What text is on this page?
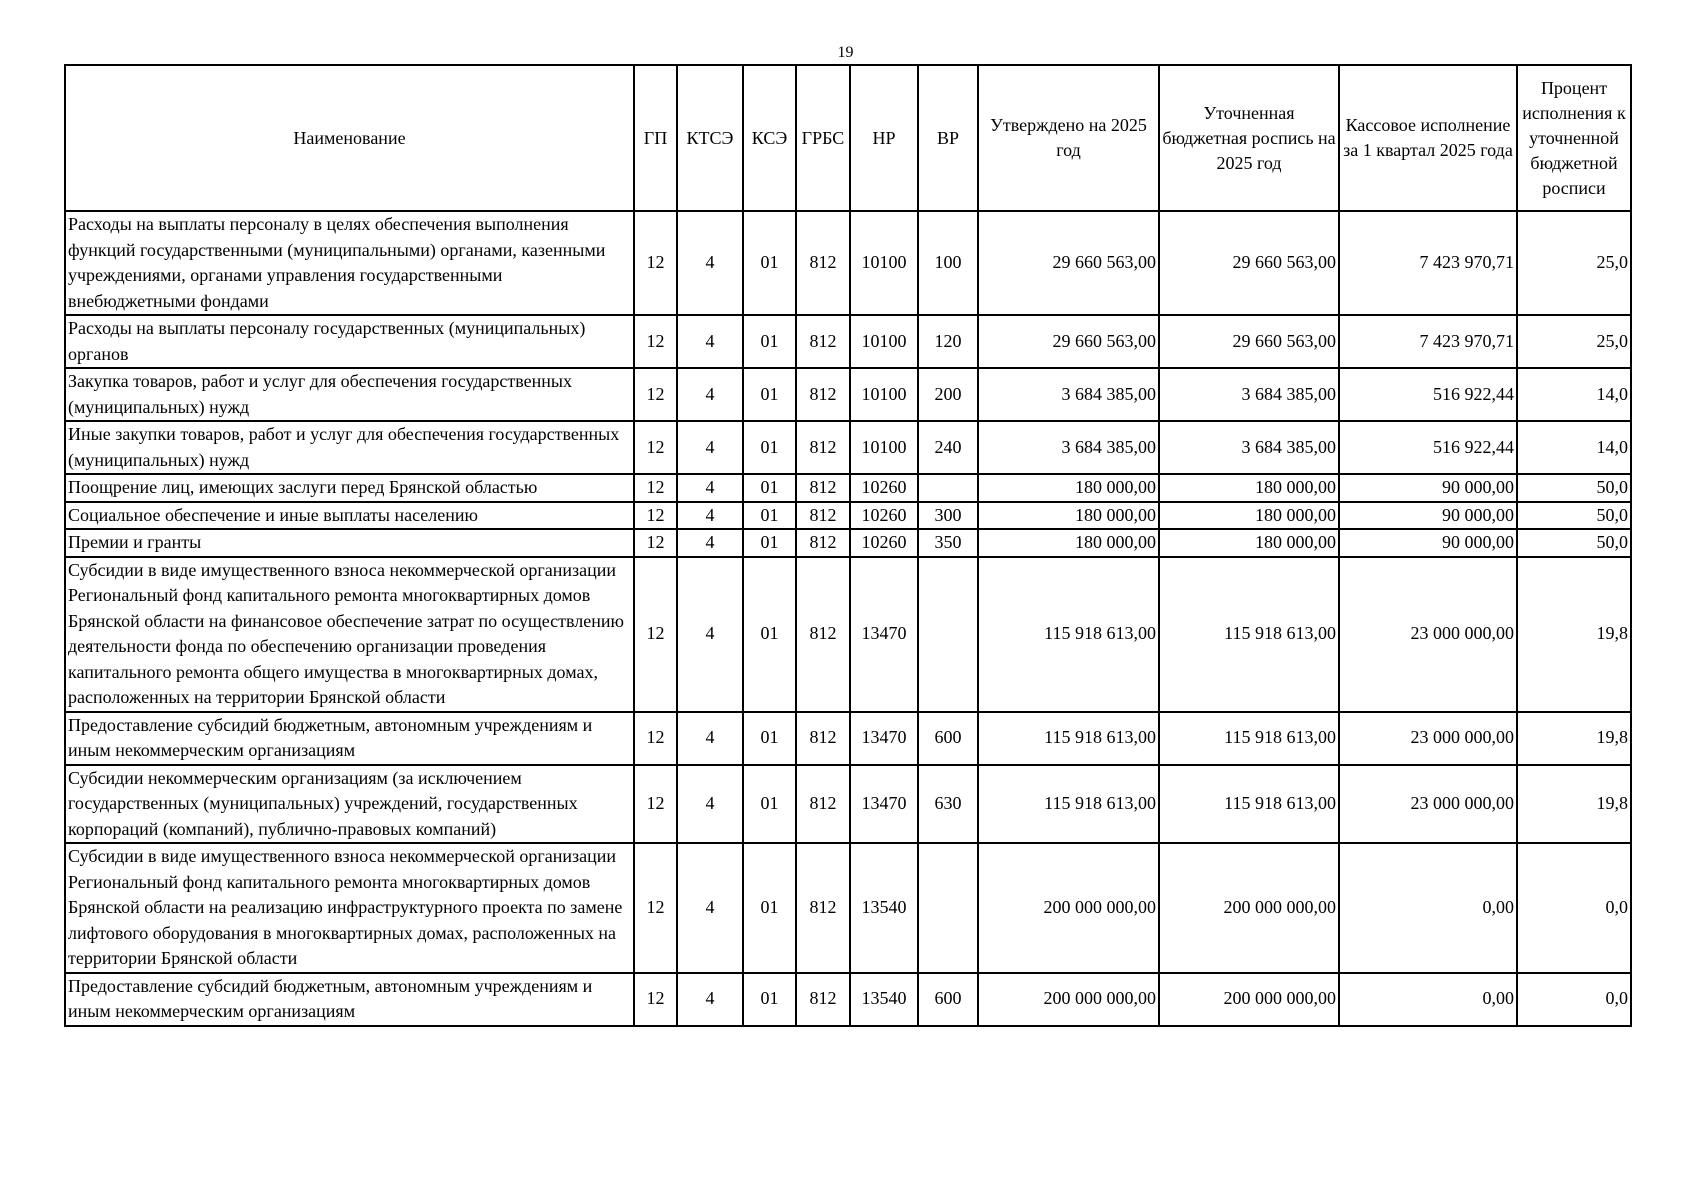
19
Наименование	ГП	КТСЭ	КСЭ	ГРБС	НР	ВР	Утверждено на 2025 год	Уточненная бюджетная роспись на 2025 год	Кассовое исполнение за 1 квартал 2025 года	Процент исполнения к уточненной бюджетной росписи
Расходы на выплаты персоналу в целях обеспечения выполнения функций государственными (муниципальными) органами, казенными учреждениями, органами управления государственными внебюджетными фондами	12	4	01	812	10100	100	29 660 563,00	29 660 563,00	7 423 970,71	25,0
Расходы на выплаты персоналу государственных (муниципальных) органов	12	4	01	812	10100	120	29 660 563,00	29 660 563,00	7 423 970,71	25,0
Закупка товаров, работ и услуг для обеспечения государственных (муниципальных) нужд	12	4	01	812	10100	200	3 684 385,00	3 684 385,00	516 922,44	14,0
Иные закупки товаров, работ и услуг для обеспечения государственных (муниципальных) нужд	12	4	01	812	10100	240	3 684 385,00	3 684 385,00	516 922,44	14,0
Поощрение лиц, имеющих заслуги перед Брянской областью	12	4	01	812	10260		180 000,00	180 000,00	90 000,00	50,0
Социальное обеспечение и иные выплаты населению	12	4	01	812	10260	300	180 000,00	180 000,00	90 000,00	50,0
Премии и гранты	12	4	01	812	10260	350	180 000,00	180 000,00	90 000,00	50,0
Субсидии в виде имущественного взноса некоммерческой организации Региональный фонд капитального ремонта многоквартирных домов Брянской области на финансовое обеспечение затрат по осуществлению деятельности фонда по обеспечению организации проведения капитального ремонта общего имущества в многоквартирных домах, расположенных на территории Брянской области	12	4	01	812	13470		115 918 613,00	115 918 613,00	23 000 000,00	19,8
Предоставление субсидий бюджетным, автономным учреждениям и иным некоммерческим организациям	12	4	01	812	13470	600	115 918 613,00	115 918 613,00	23 000 000,00	19,8
Субсидии некоммерческим организациям (за исключением государственных (муниципальных) учреждений, государственных корпораций (компаний), публично-правовых компаний)	12	4	01	812	13470	630	115 918 613,00	115 918 613,00	23 000 000,00	19,8
Субсидии в виде имущественного взноса некоммерческой организации Региональный фонд капитального ремонта многоквартирных домов Брянской области на реализацию инфраструктурного проекта по замене лифтового оборудования в многоквартирных домах, расположенных на территории Брянской области	12	4	01	812	13540		200 000 000,00	200 000 000,00	0,00	0,0
Предоставление субсидий бюджетным, автономным учреждениям и иным некоммерческим организациям	12	4	01	812	13540	600	200 000 000,00	200 000 000,00	0,00	0,0
